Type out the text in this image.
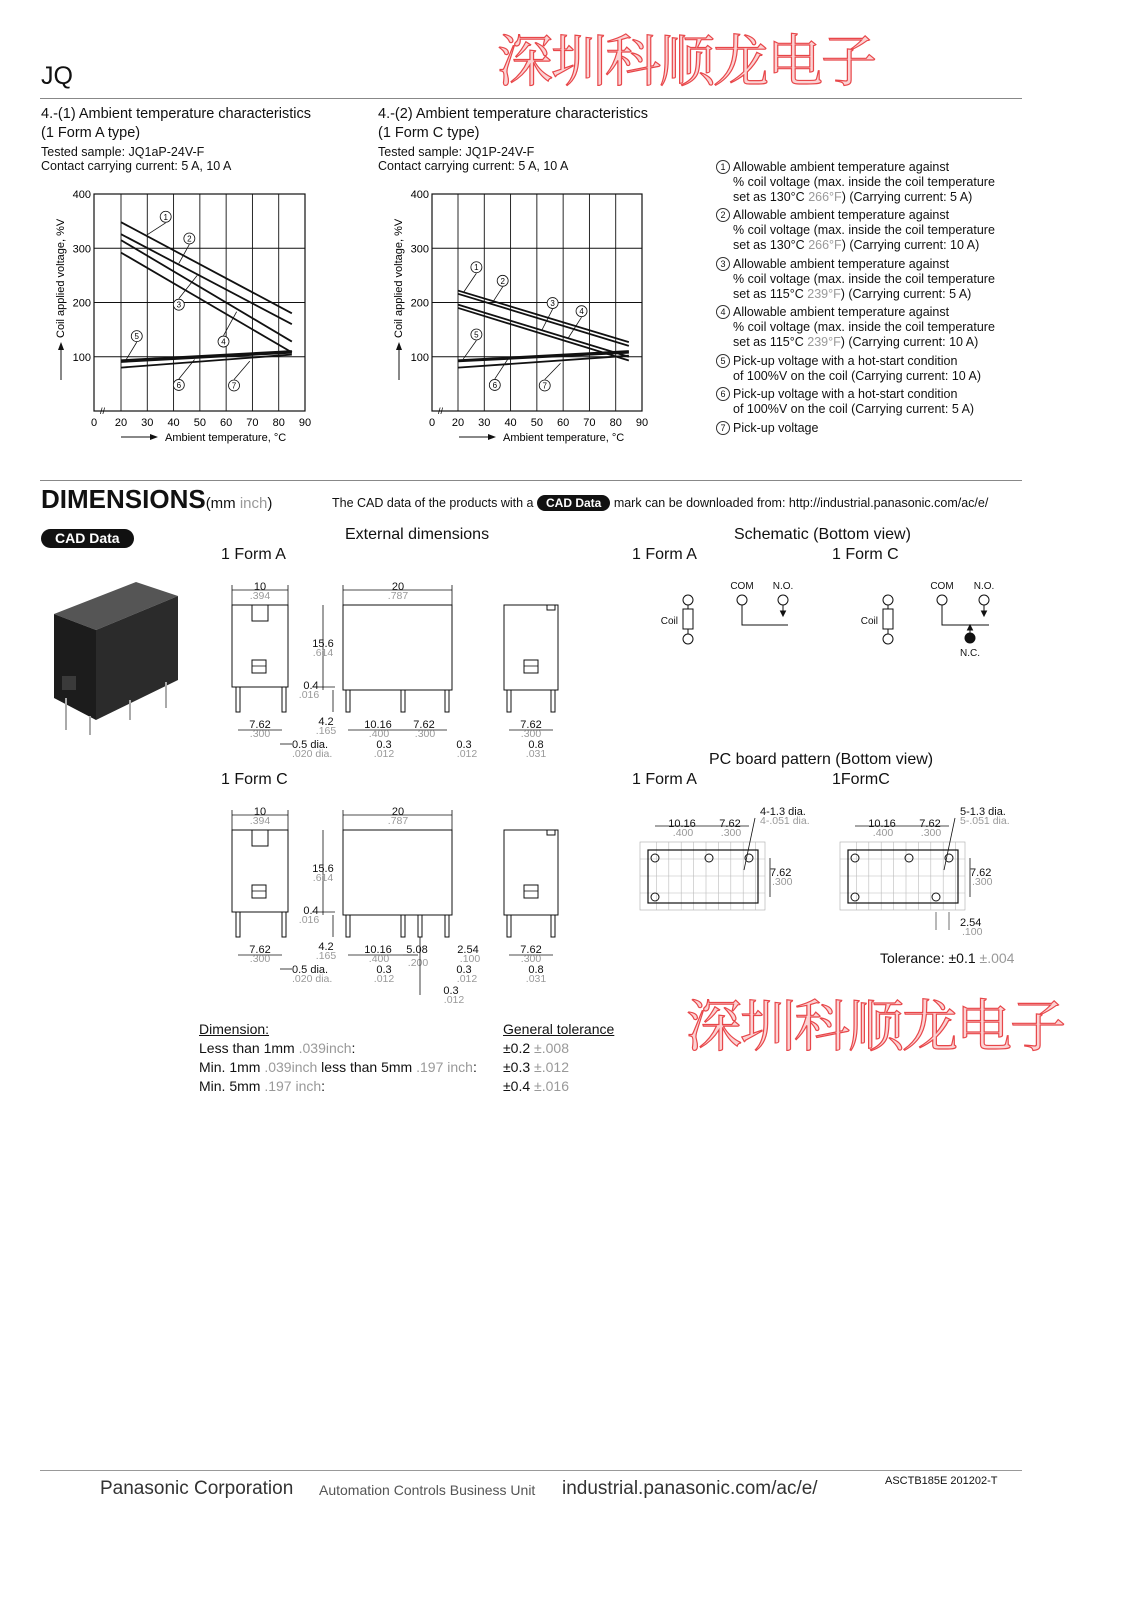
JQ	深圳科顺龙电子
4.-(1) Ambient temperature characteristics
(1 Form A type)
Tested sample: JQ1aP-24V-F
Contact carrying current: 5 A, 10 A
4.-(2) Ambient temperature characteristics
(1 Form C type)
Tested sample: JQ1P-24V-F
Contact carrying current: 5 A, 10 A
//
0 20 30 40 50 60 70 80 90
100
200
300
400
Ambient temperature, °C
Coil applied voltage, %V
1
2
3
4
5
6	7
//
0 20 30 40 50 60 70 80 90
100
200
300
400
Ambient temperature, °C
Coil applied voltage, %V	1
2
3
4
5
6	7
1 Allowable ambient temperature against
% coil voltage (max. inside the coil temperature
set as 130°C 266°F) (Carrying current: 5 A)
2 Allowable ambient temperature against
% coil voltage (max. inside the coil temperature
set as 130°C 266°F) (Carrying current: 10 A)
3 Allowable ambient temperature against
% coil voltage (max. inside the coil temperature
set as 115°C 239°F) (Carrying current: 5 A)
4 Allowable ambient temperature against
% coil voltage (max. inside the coil temperature
set as 115°C 239°F) (Carrying current: 10 A)
5 Pick-up voltage with a hot-start condition
of 100%V on the coil (Carrying current: 10 A)
6 Pick-up voltage with a hot-start condition
of 100%V on the coil (Carrying current: 5 A)
7 Pick-up voltage
DIMENSIONS(mm inch)	The CAD data of the products with a CAD Data mark can be downloaded from: http://industrial.panasonic.com/ac/e/
CAD Data	External dimensions
1 Form A
1 Form C
10
.394
7.62
.300
0.5 dia.
.020 dia.
20
.787
15.6
.614
0.4
.016
4.2
.165	10.16
.400
7.62
.300
0.3
.012
0.3
.012
7.62
.300
0.8
.031
10
.394
7.62
.300
0.5 dia.
.020 dia.
20
.787
15.6
.614
0.4
.016
4.2
.165	10.16
.400
5.08
.200
2.54
.100
0.3
.012
0.3
.012
0.3
.012
7.62
.300
0.8
.031
Schematic (Bottom view)
1 Form A	1 Form C
Coil
COM N.O.
Coil
COM N.O.
N.C.
PC board pattern (Bottom view)
1 Form A	1FormC
10.16
.400
7.62
.300
7.62
.300
4-1.3 dia.
4-.051 dia.	10.16
.400
7.62
.300
7.62
.300
5-1.3 dia.
5-.051 dia.
2.54
.100
Tolerance: ±0.1 ±.004
深圳科顺龙电子
Dimension:	General tolerance
Less than 1mm .039inch:	±0.2 ±.008
Min. 1mm .039inch less than 5mm .197 inch: ±0.3 ±.012
Min. 5mm .197 inch:	±0.4 ±.016
Panasonic Corporation Automation Controls Business Unit industrial.panasonic.com/ac/e/	ASCTB185E 201202-T
